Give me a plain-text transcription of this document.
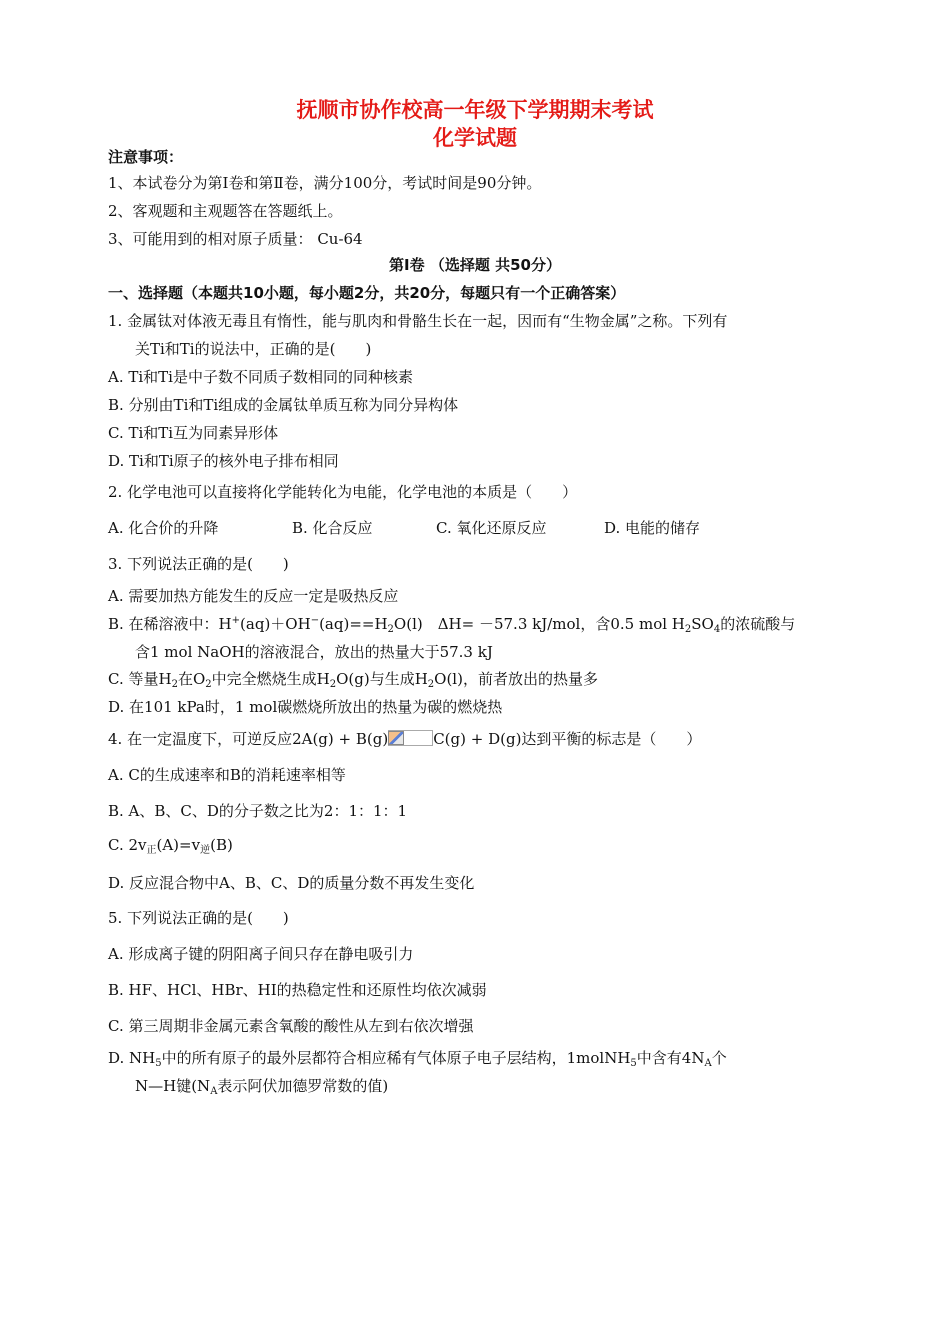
抚顺市协作校高一年级下学期期末考试
化学试题
注意事项：
1、本试卷分为第Ⅰ卷和第Ⅱ卷，满分100分，考试时间是90分钟。
2、客观题和主观题答在答题纸上。
3、可能用到的相对原子质量： Cu-64
第Ⅰ卷 （选择题 共50分）
一、选择题（本题共10小题，每小题2分，共20分，每题只有一个正确答案）
1. 金属钛对体液无毒且有惰性，能与肌肉和骨骼生长在一起，因而有“生物金属”之称。下列有
关Ti和Ti的说法中，正确的是(　　)
A. Ti和Ti是中子数不同质子数相同的同种核素
B. 分别由Ti和Ti组成的金属钛单质互称为同分异构体
C. Ti和Ti互为同素异形体
D. Ti和Ti原子的核外电子排布相同
2. 化学电池可以直接将化学能转化为电能，化学电池的本质是（　　）
A. 化合价的升降	B. 化合反应	C. 氧化还原反应	D. 电能的储存
3. 下列说法正确的是(　　)
A. 需要加热方能发生的反应一定是吸热反应
B. 在稀溶液中：$H^+(aq)+OH^-(aq)==H_2O(l)$　ΔH= －57.3 kJ/mol，含0.5 mol $H_2SO_4$的浓硫酸与
含1 mol NaOH的溶液混合，放出的热量大于57.3 kJ
C. 等量$H_2$在$O_2$中完全燃烧生成$H_2O(g)$与生成$H_2O(l)$，前者放出的热量多
D. 在101 kPa时，1 mol碳燃烧所放出的热量为碳的燃烧热
4. 在一定温度下，可逆反应2A(g) + B(g)	C(g) + D(g)达到平衡的标志是（　　）
A. C的生成速率和B的消耗速率相等
B. A、B、C、D的分子数之比为2：1：1：1
C. $2v_正(A)=v_逆(B)$
D. 反应混合物中A、B、C、D的质量分数不再发生变化
5. 下列说法正确的是(　　)
A. 形成离子键的阴阳离子间只存在静电吸引力
B. HF、HCl、HBr、HI的热稳定性和还原性均依次减弱
C. 第三周期非金属元素含氧酸的酸性从左到右依次增强
D. $NH_5$中的所有原子的最外层都符合相应稀有气体原子电子层结构，1molNH$_5$中含有$4N_A$个
N—H键($N_A$表示阿伏加德罗常数的值)
